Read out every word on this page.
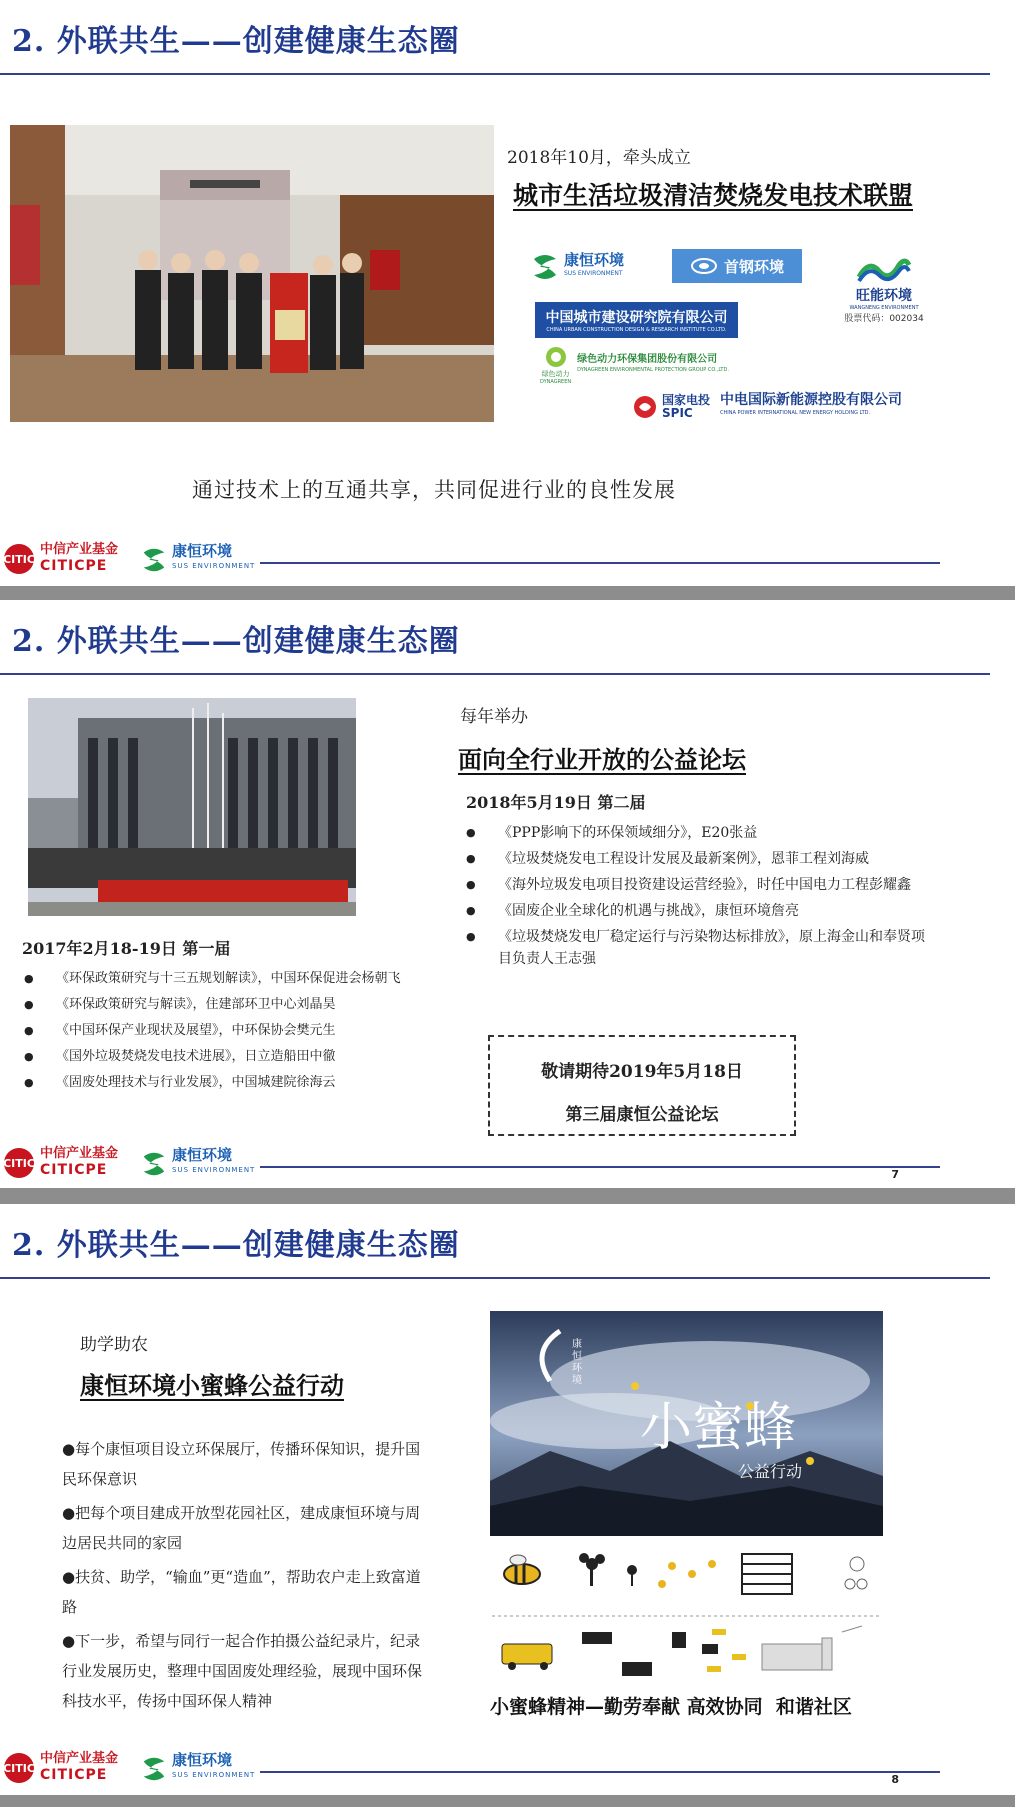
2. 外联共生——创建健康生态圈
2018年10月，牵头成立
城市生活垃圾清洁焚烧发电技术联盟
康恒环境
SUS ENVIRONMENT	首钢环境
旺能环境
WANGNENG ENVIRONMENT
股票代码：002034
中国城市建设研究院有限公司
CHINA URBAN CONSTRUCTION DESIGN & RESEARCH INSTITUTE CO.LTD.
绿色动力
DYNAGREEN
绿色动力环保集团股份有限公司
DYNAGREEN ENVIRONMENTAL PROTECTION GROUP CO.,LTD.
国家电投
SPIC
中电国际新能源控股有限公司
CHINA POWER INTERNATIONAL NEW ENERGY HOLDING LTD.
通过技术上的互通共享，共同促进行业的良性发展
CITIC
中信产业基金
CITICPE
康恒环境
SUS ENVIRONMENT
2. 外联共生——创建健康生态圈
每年举办
面向全行业开放的公益论坛
2018年5月19日 第二届
● 《PPP影响下的环保领域细分》，E20张益
● 《垃圾焚烧发电工程设计发展及最新案例》，恩菲工程刘海威
● 《海外垃圾发电项目投资建设运营经验》，时任中国电力工程彭耀鑫
● 《固废企业全球化的机遇与挑战》，康恒环境詹亮
● 《垃圾焚烧发电厂稳定运行与污染物达标排放》，原上海金山和奉贤项目负责人王志强
2017年2月18-19日 第一届
● 《环保政策研究与十三五规划解读》，中国环保促进会杨朝飞
● 《环保政策研究与解读》，住建部环卫中心刘晶昊
● 《中国环保产业现状及展望》，中环保协会樊元生
● 《国外垃圾焚烧发电技术进展》，日立造船田中徹
● 《固废处理技术与行业发展》，中国城建院徐海云
敬请期待2019年5月18日
第三届康恒公益论坛
CITIC
中信产业基金
CITICPE
康恒环境
SUS ENVIRONMENT	7
2. 外联共生——创建健康生态圈
助学助农
康恒环境小蜜蜂公益行动
●每个康恒项目设立环保展厅，传播环保知识，提升国民环保意识
●把每个项目建成开放型花园社区，建成康恒环境与周边居民共同的家园
●扶贫、助学，“输血”更“造血”，帮助农户走上致富道路
●下一步，希望与同行一起合作拍摄公益纪录片，纪录行业发展历史，整理中国固废处理经验，展现中国环保科技水平，传扬中国环保人精神
康恒环境
小蜜蜂
公益行动
小蜜蜂精神—勤劳奉献 高效协同  和谐社区
CITIC
中信产业基金
CITICPE
康恒环境
SUS ENVIRONMENT	8
